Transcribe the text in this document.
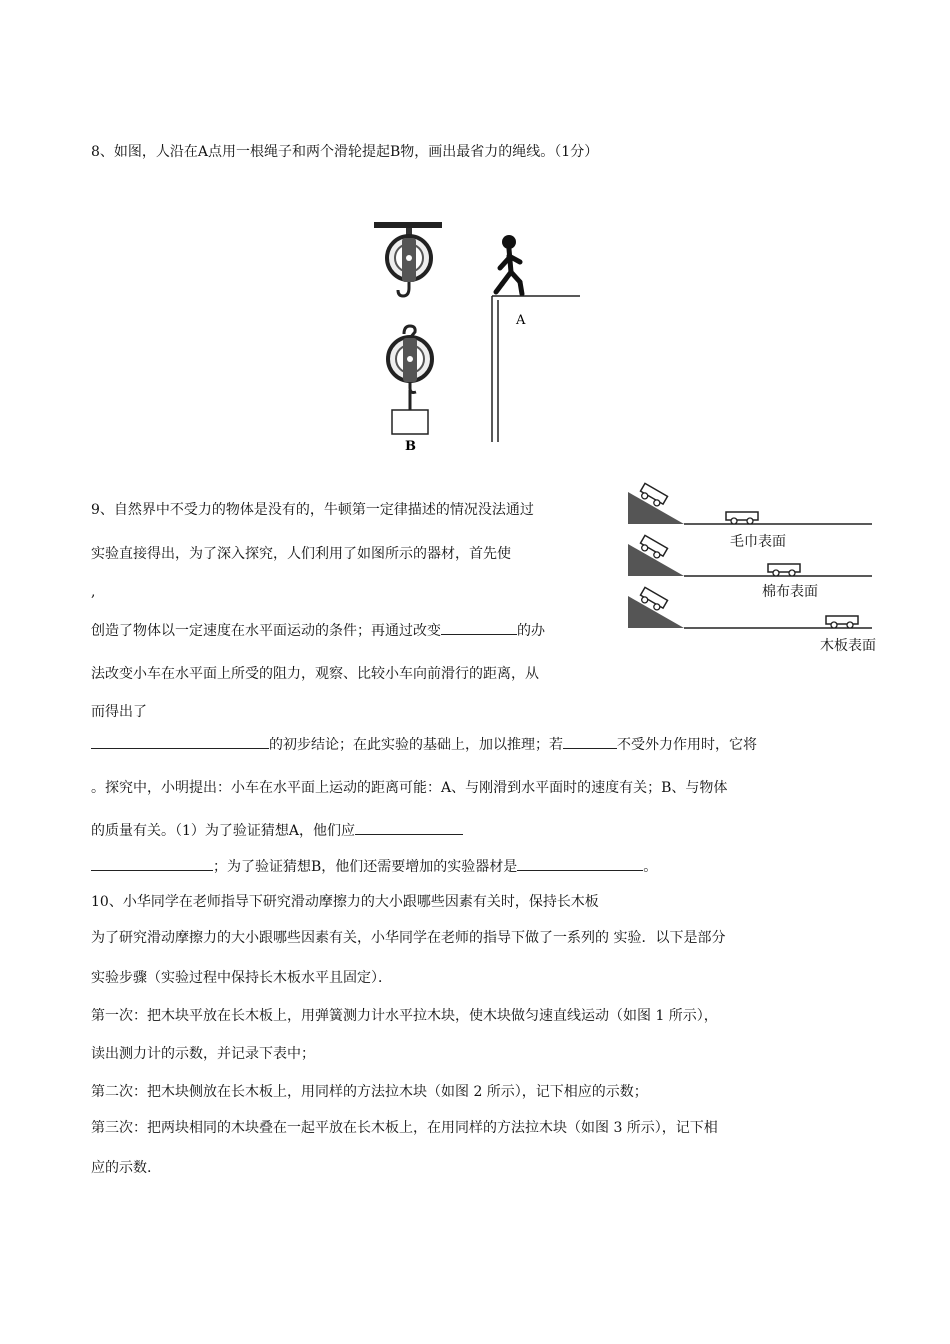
8、如图，人沿在A点用一根绳子和两个滑轮提起B物，画出最省力的绳线。（1分）
B
A
9、自然界中不受力的物体是没有的，牛顿第一定律描述的情况没法通过
实验直接得出，为了深入探究，人们利用了如图所示的器材，首先使
,
创造了物体以一定速度在水平面运动的条件；再通过改变	的办
法改变小车在水平面上所受的阻力，观察、比较小车向前滑行的距离，从
而得出了
的初步结论；在此实验的基础上，加以推理；若	不受外力作用时，它将
。探究中，小明提出：小车在水平面上运动的距离可能：A、与刚滑到水平面时的速度有关；B、与物体
的质量有关。（1）为了验证猜想A，他们应
；为了验证猜想B，他们还需要增加的实验器材是	。
毛巾表面
棉布表面
木板表面
10、小华同学在老师指导下研究滑动摩擦力的大小跟哪些因素有关时，保持长木板
为了研究滑动摩擦力的大小跟哪些因素有关，小华同学在老师的指导下做了一系列的 实验．以下是部分
实验步骤（实验过程中保持长木板水平且固定）．
第一次：把木块平放在长木板上，用弹簧测力计水平拉木块，使木块做匀速直线运动（如图 1 所示），
读出测力计的示数，并记录下表中；
第二次：把木块侧放在长木板上，用同样的方法拉木块（如图 2 所示），记下相应的示数；
第三次：把两块相同的木块叠在一起平放在长木板上，在用同样的方法拉木块（如图 3 所示），记下相
应的示数.
